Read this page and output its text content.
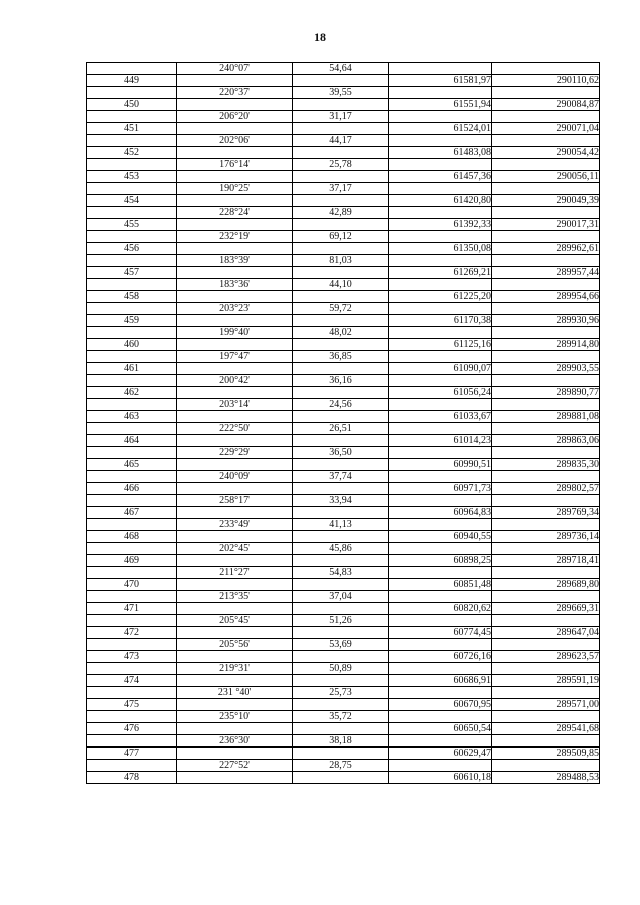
18
	240°07'	54,64		
449			61581,97	290110,62
	220°37'	39,55		
450			61551,94	290084,87
	206°20'	31,17		
451			61524,01	290071,04
	202°06'	44,17		
452			61483,08	290054,42
	176°14'	25,78		
453			61457,36	290056,11
	190°25'	37,17		
454			61420,80	290049,39
	228°24'	42,89		
455			61392,33	290017,31
	232°19'	69,12		
456			61350,08	289962,61
	183°39'	81,03		
457			61269,21	289957,44
	183°36'	44,10		
458			61225,20	289954,66
	203°23'	59,72		
459			61170,38	289930,96
	199°40'	48,02		
460			61125,16	289914,80
	197°47'	36,85		
461			61090,07	289903,55
	200°42'	36,16		
462			61056,24	289890,77
	203°14'	24,56		
463			61033,67	289881,08
	222°50'	26,51		
464			61014,23	289863,06
	229°29'	36,50		
465			60990,51	289835,30
	240°09'	37,74		
466			60971,73	289802,57
	258°17'	33,94		
467			60964,83	289769,34
	233°49'	41,13		
468			60940,55	289736,14
	202°45'	45,86		
469			60898,25	289718,41
	211°27'	54,83		
470			60851,48	289689,80
	213°35'	37,04		
471			60820,62	289669,31
	205°45'	51,26		
472			60774,45	289647,04
	205°56'	53,69		
473			60726,16	289623,57
	219°31'	50,89		
474			60686,91	289591,19
	231 °40'	25,73		
475			60670,95	289571,00
	235°10'	35,72		
476			60650,54	289541,68
	236°30'	38,18		
477			60629,47	289509,85
	227°52'	28,75		
478			60610,18	289488,53
